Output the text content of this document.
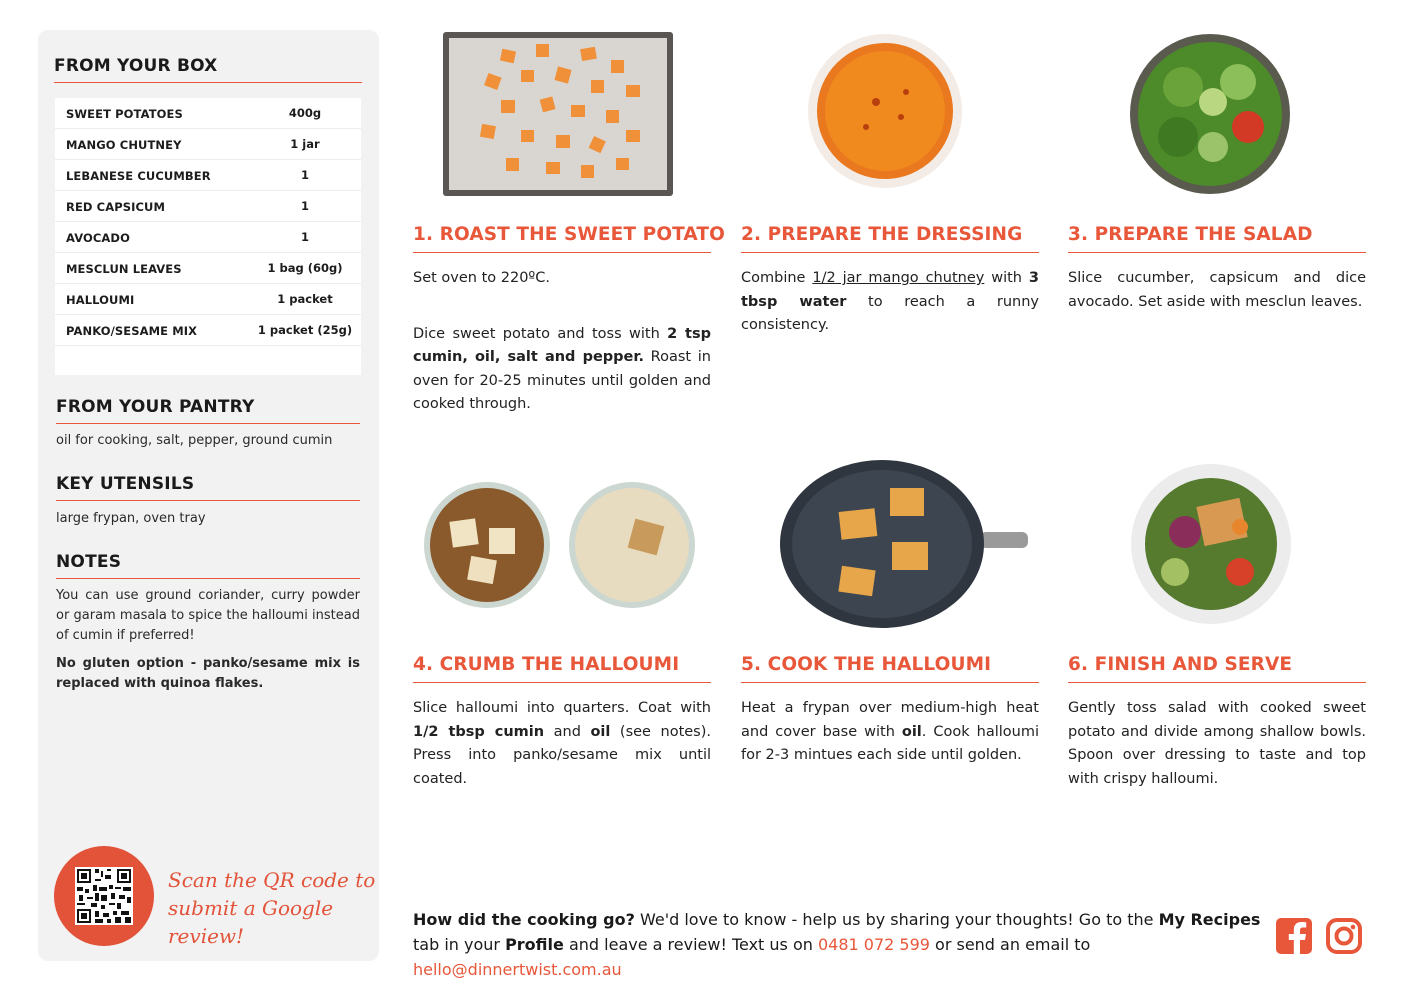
FROM YOUR BOX
SWEET POTATOES	400g
MANGO CHUTNEY	1 jar
LEBANESE CUCUMBER	1
RED CAPSICUM	1
AVOCADO	1
MESCLUN LEAVES	1 bag (60g)
HALLOUMI	1 packet
PANKO/SESAME MIX	1 packet (25g)
FROM YOUR PANTRY
oil for cooking, salt, pepper, ground cumin
KEY UTENSILS
large frypan, oven tray
NOTES
You can use ground coriander, curry powder or garam masala to spice the halloumi instead of cumin if preferred!
No gluten option - panko/sesame mix is replaced with quinoa flakes.
Scan the QR code to
submit a Google review!
1. ROAST THE SWEET POTATO
Set oven to 220ºC.
Dice sweet potato and toss with 2 tsp cumin, oil, salt and pepper. Roast in oven for 20-25 minutes until golden and cooked through.
2. PREPARE THE DRESSING
Combine 1/2 jar mango chutney with 3 tbsp water to reach a runny consistency.
3. PREPARE THE SALAD
Slice cucumber, capsicum and dice avocado. Set aside with mesclun leaves.
4. CRUMB THE HALLOUMI
Slice halloumi into quarters. Coat with 1/2 tbsp cumin and oil (see notes). Press into panko/sesame mix until coated.
5. COOK THE HALLOUMI
Heat a frypan over medium-high heat and cover base with oil. Cook halloumi for 2-3 mintues each side until golden.
6. FINISH AND SERVE
Gently toss salad with cooked sweet potato and divide among shallow bowls. Spoon over dressing to taste and top with crispy halloumi.
How did the cooking go? We'd love to know - help us by sharing your thoughts! Go to the My Recipes tab in your Profile and leave a review! Text us on 0481 072 599 or send an email to hello@dinnertwist.com.au
